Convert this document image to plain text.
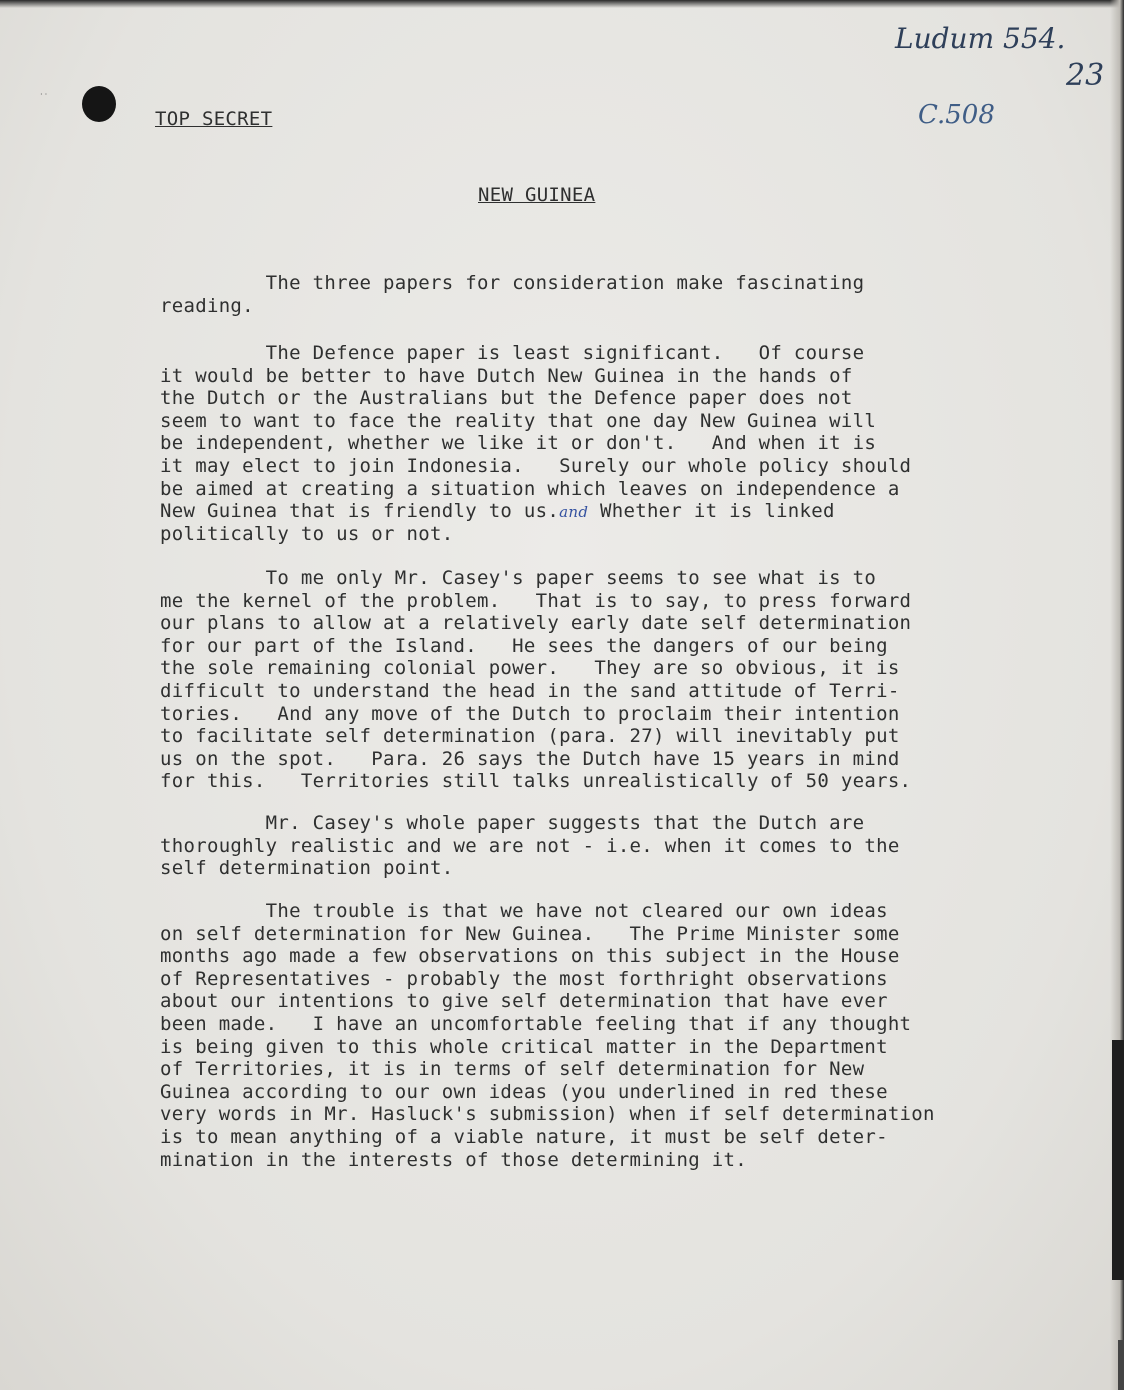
· ·
Ludum 554.
23
C.508
TOP SECRET
NEW GUINEA
The three papers for consideration make fascinating
reading.
The Defence paper is least significant.   Of course
it would be better to have Dutch New Guinea in the hands of
the Dutch or the Australians but the Defence paper does not
seem to want to face the reality that one day New Guinea will
be independent, whether we like it or don't.   And when it is
it may elect to join Indonesia.   Surely our whole policy should
be aimed at creating a situation which leaves on independence a
New Guinea that is friendly to us.and Whether it is linked
politically to us or not.
To me only Mr. Casey's paper seems to see what is to
me the kernel of the problem.   That is to say, to press forward
our plans to allow at a relatively early date self determination
for our part of the Island.   He sees the dangers of our being
the sole remaining colonial power.   They are so obvious, it is
difficult to understand the head in the sand attitude of Terri-
tories.   And any move of the Dutch to proclaim their intention
to facilitate self determination (para. 27) will inevitably put
us on the spot.   Para. 26 says the Dutch have 15 years in mind
for this.   Territories still talks unrealistically of 50 years.
Mr. Casey's whole paper suggests that the Dutch are
thoroughly realistic and we are not - i.e. when it comes to the
self determination point.
The trouble is that we have not cleared our own ideas
on self determination for New Guinea.   The Prime Minister some
months ago made a few observations on this subject in the House
of Representatives - probably the most forthright observations
about our intentions to give self determination that have ever
been made.   I have an uncomfortable feeling that if any thought
is being given to this whole critical matter in the Department
of Territories, it is in terms of self determination for New
Guinea according to our own ideas (you underlined in red these
very words in Mr. Hasluck's submission) when if self determination
is to mean anything of a viable nature, it must be self deter-
mination in the interests of those determining it.
